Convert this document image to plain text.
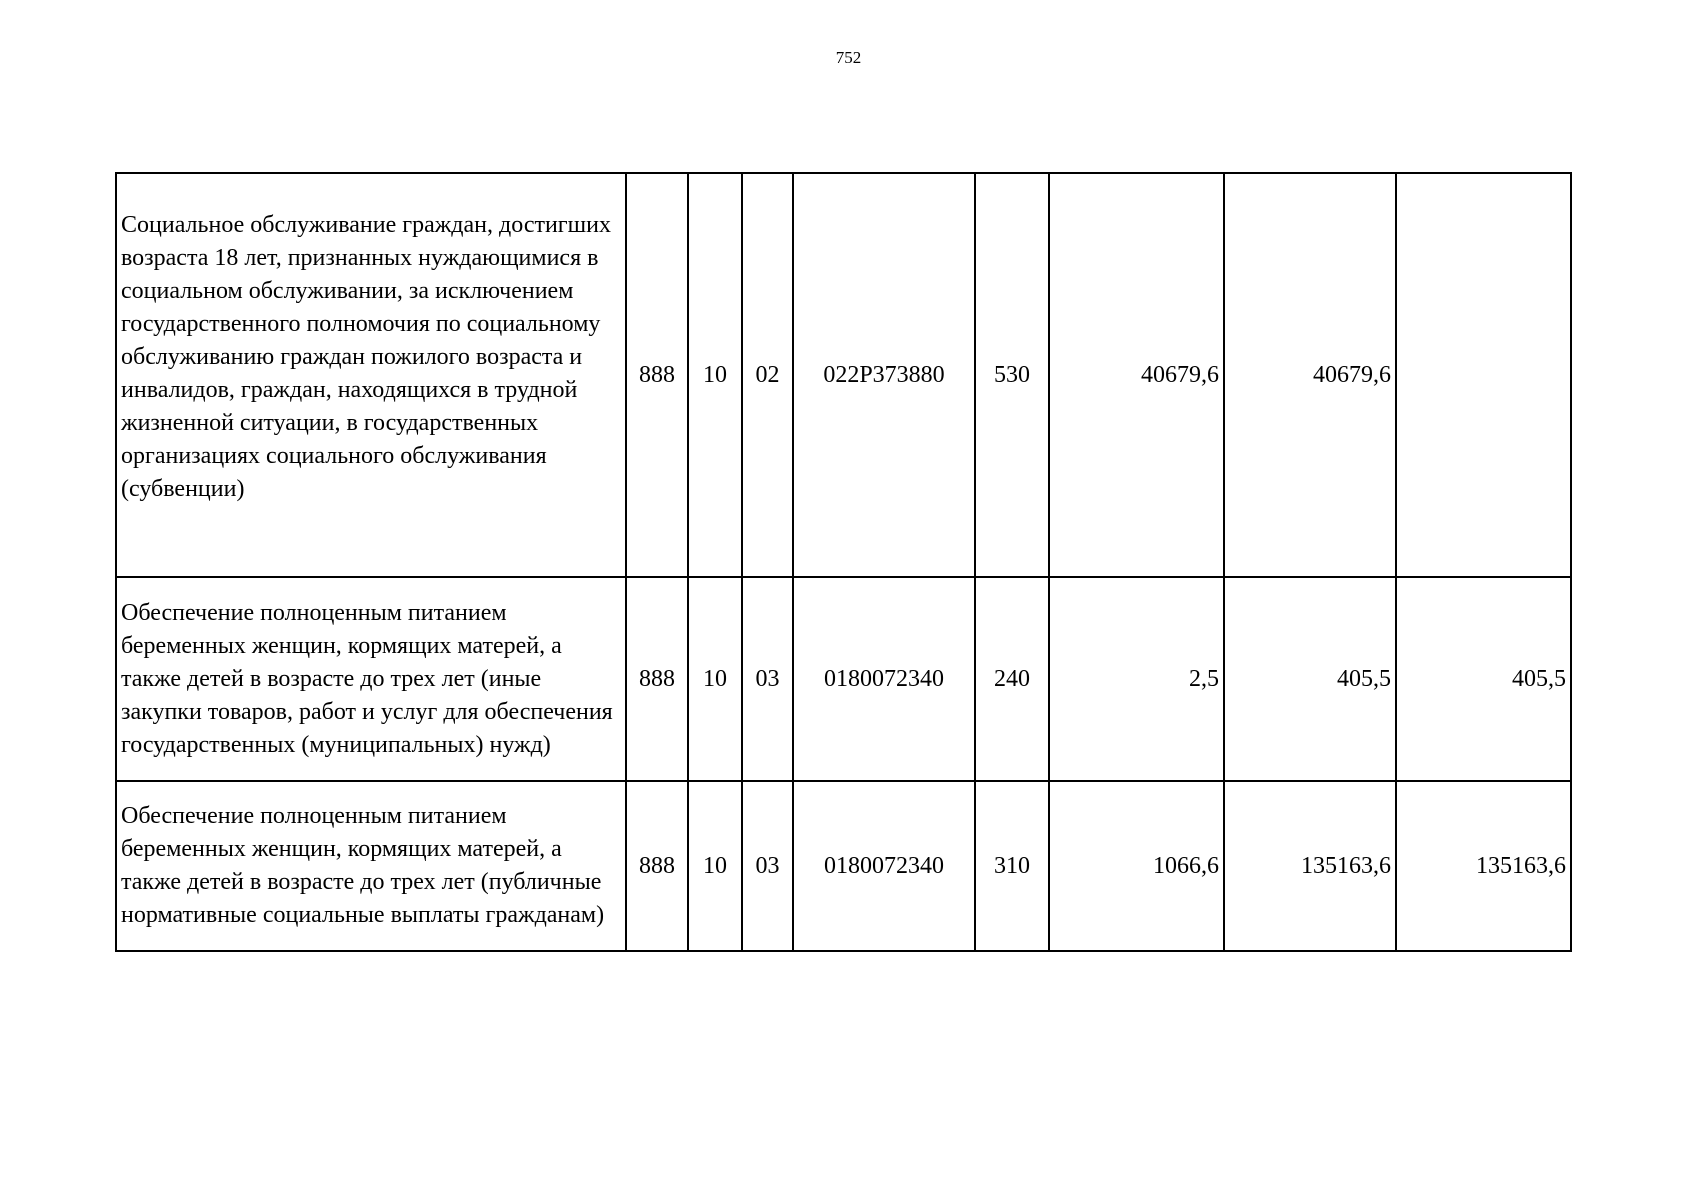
752
Социальное обслуживание граждан, достигших возраста 18 лет, признанных нуждающимися в социальном обслуживании, за исключением государственного полномочия по социальному обслуживанию граждан пожилого возраста и инвалидов, граждан, находящихся в трудной жизненной ситуации, в государственных организациях социального обслуживания (субвенции)	888	10	02	022Р373880	530	40679,6	40679,6	
Обеспечение полноценным питанием беременных женщин, кормящих матерей, а также детей в возрасте до трех лет (иные закупки товаров, работ и услуг для обеспечения государственных (муниципальных) нужд)	888	10	03	0180072340	240	2,5	405,5	405,5
Обеспечение полноценным питанием беременных женщин, кормящих матерей, а также детей в возрасте до трех лет (публичные нормативные социальные выплаты гражданам)	888	10	03	0180072340	310	1066,6	135163,6	135163,6
